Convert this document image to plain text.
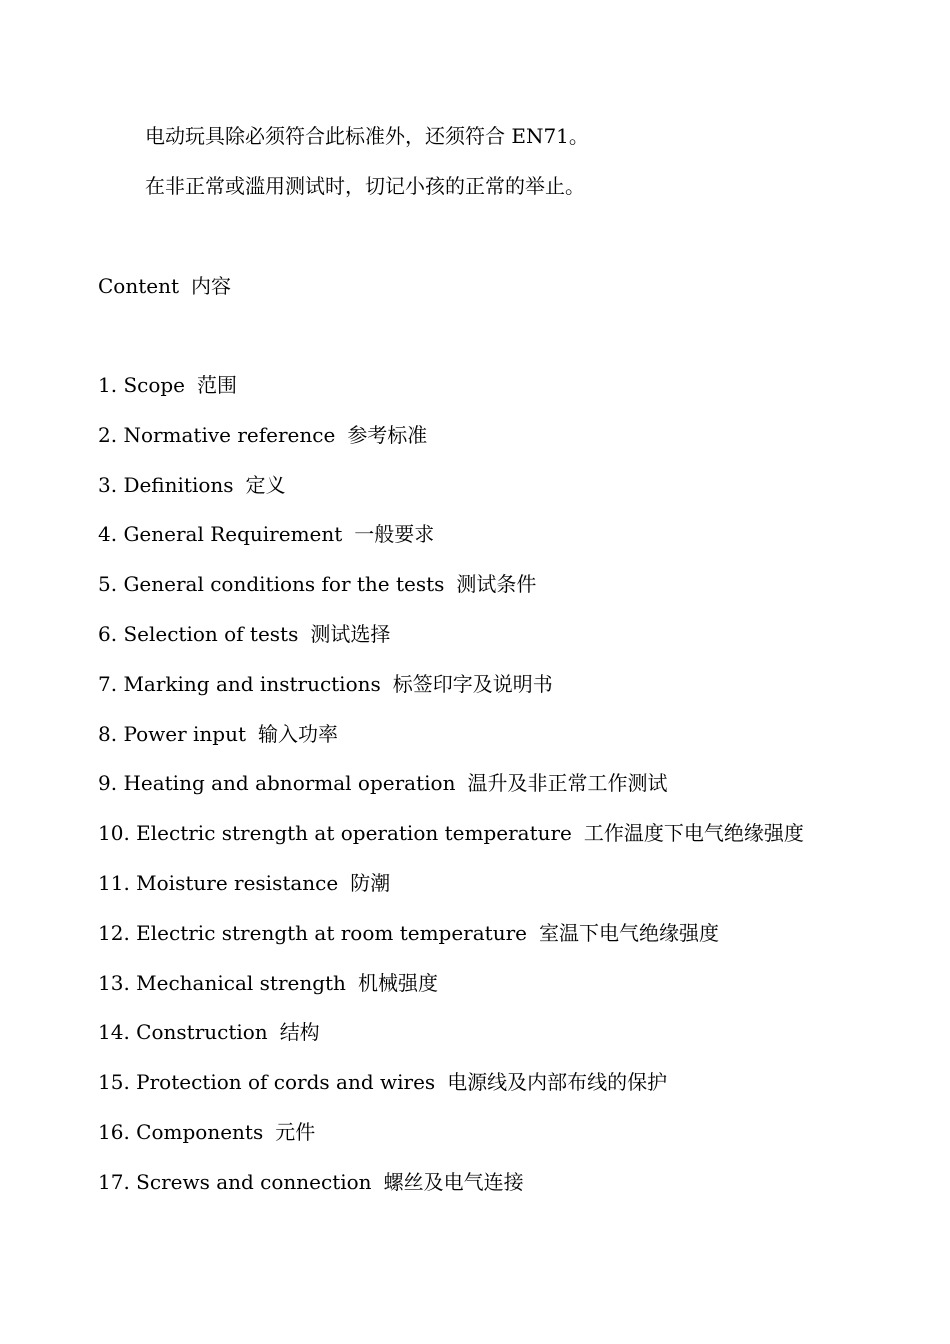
电动玩具除必须符合此标准外，还须符合 EN71。
在非正常或滥用测试时，切记小孩的正常的举止。
Content 内容
1. Scope 范围
2. Normative reference 参考标准
3. Definitions 定义
4. General Requirement 一般要求
5. General conditions for the tests 测试条件
6. Selection of tests 测试选择
7. Marking and instructions 标签印字及说明书
8. Power input 输入功率
9. Heating and abnormal operation 温升及非正常工作测试
10. Electric strength at operation temperature 工作温度下电气绝缘强度
11. Moisture resistance 防潮
12. Electric strength at room temperature 室温下电气绝缘强度
13. Mechanical strength 机械强度
14. Construction 结构
15. Protection of cords and wires 电源线及内部布线的保护
16. Components 元件
17. Screws and connection 螺丝及电气连接
